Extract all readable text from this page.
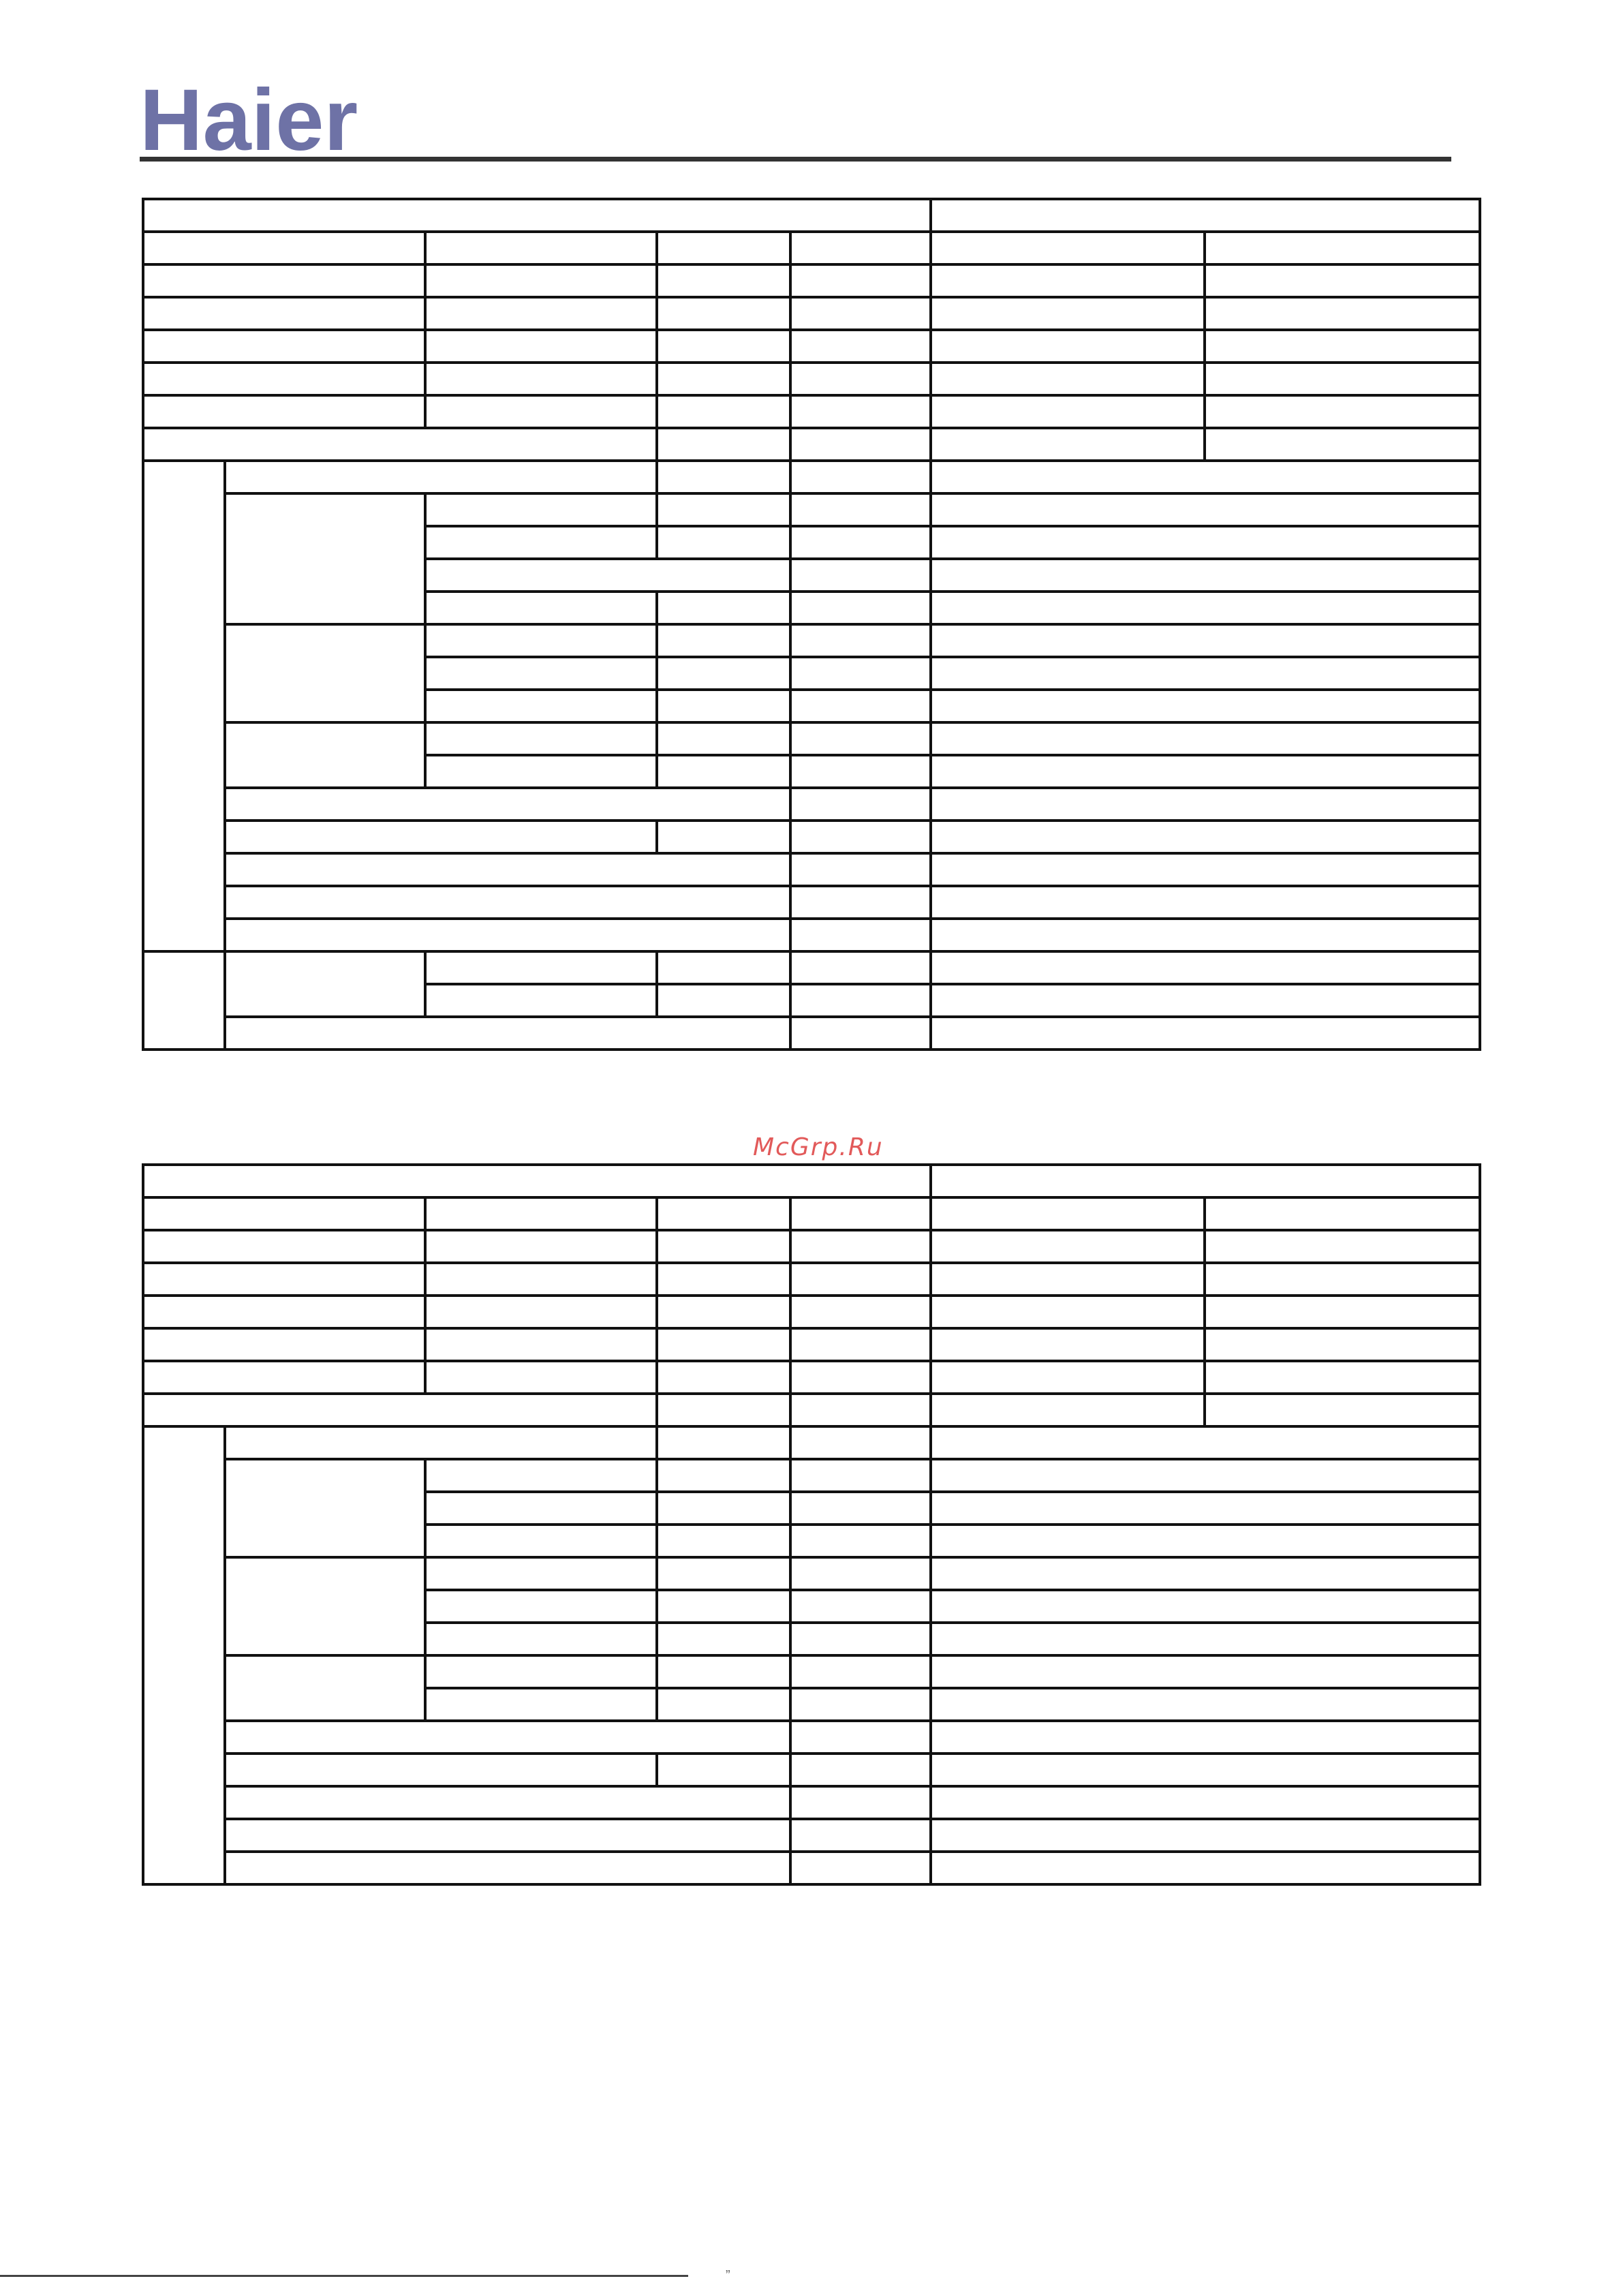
Haier

McGrp.Ru

”
